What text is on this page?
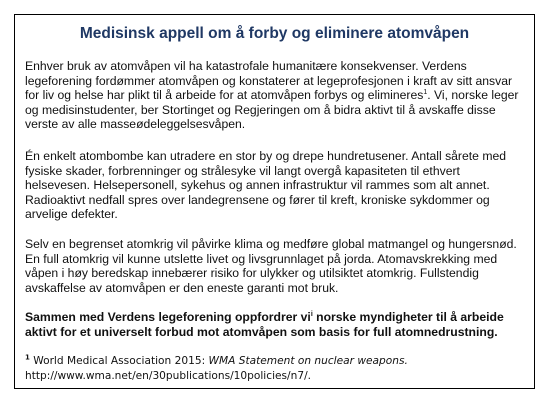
Medisinsk appell om å forby og eliminere atomvåpen
Enhver bruk av atomvåpen vil ha katastrofale humanitære konsekvenser. Verdens
legeforening fordømmer atomvåpen og konstaterer at legeprofesjonen i kraft av sitt ansvar
for liv og helse har plikt til å arbeide for at atomvåpen forbys og elimineres$^1$. Vi, norske leger
og medisinstudenter, ber Stortinget og Regjeringen om å bidra aktivt til å avskaffe disse
verste av alle masseødeleggelsesvåpen.
Én enkelt atombombe kan utradere en stor by og drepe hundretusener. Antall sårete med
fysiske skader, forbrenninger og strålesyke vil langt overgå kapasiteten til ethvert
helsevesen. Helsepersonell, sykehus og annen infrastruktur vil rammes som alt annet.
Radioaktivt nedfall spres over landegrensene og fører til kreft, kroniske sykdommer og
arvelige defekter.
Selv en begrenset atomkrig vil påvirke klima og medføre global matmangel og hungersnød.
En full atomkrig vil kunne utslette livet og livsgrunnlaget på jorda. Atomavskrekking med
våpen i høy beredskap innebærer risiko for ulykker og utilsiktet atomkrig. Fullstendig
avskaffelse av atomvåpen er den eneste garanti mot bruk.
Sammen med Verdens legeforening oppfordrer vi$^i$ norske myndigheter til å arbeide
aktivt for et universelt forbud mot atomvåpen som basis for full atomnedrustning.
$^1$ World Medical Association 2015: WMA Statement on nuclear weapons.
http://www.wma.net/en/30publications/10policies/n7/.
